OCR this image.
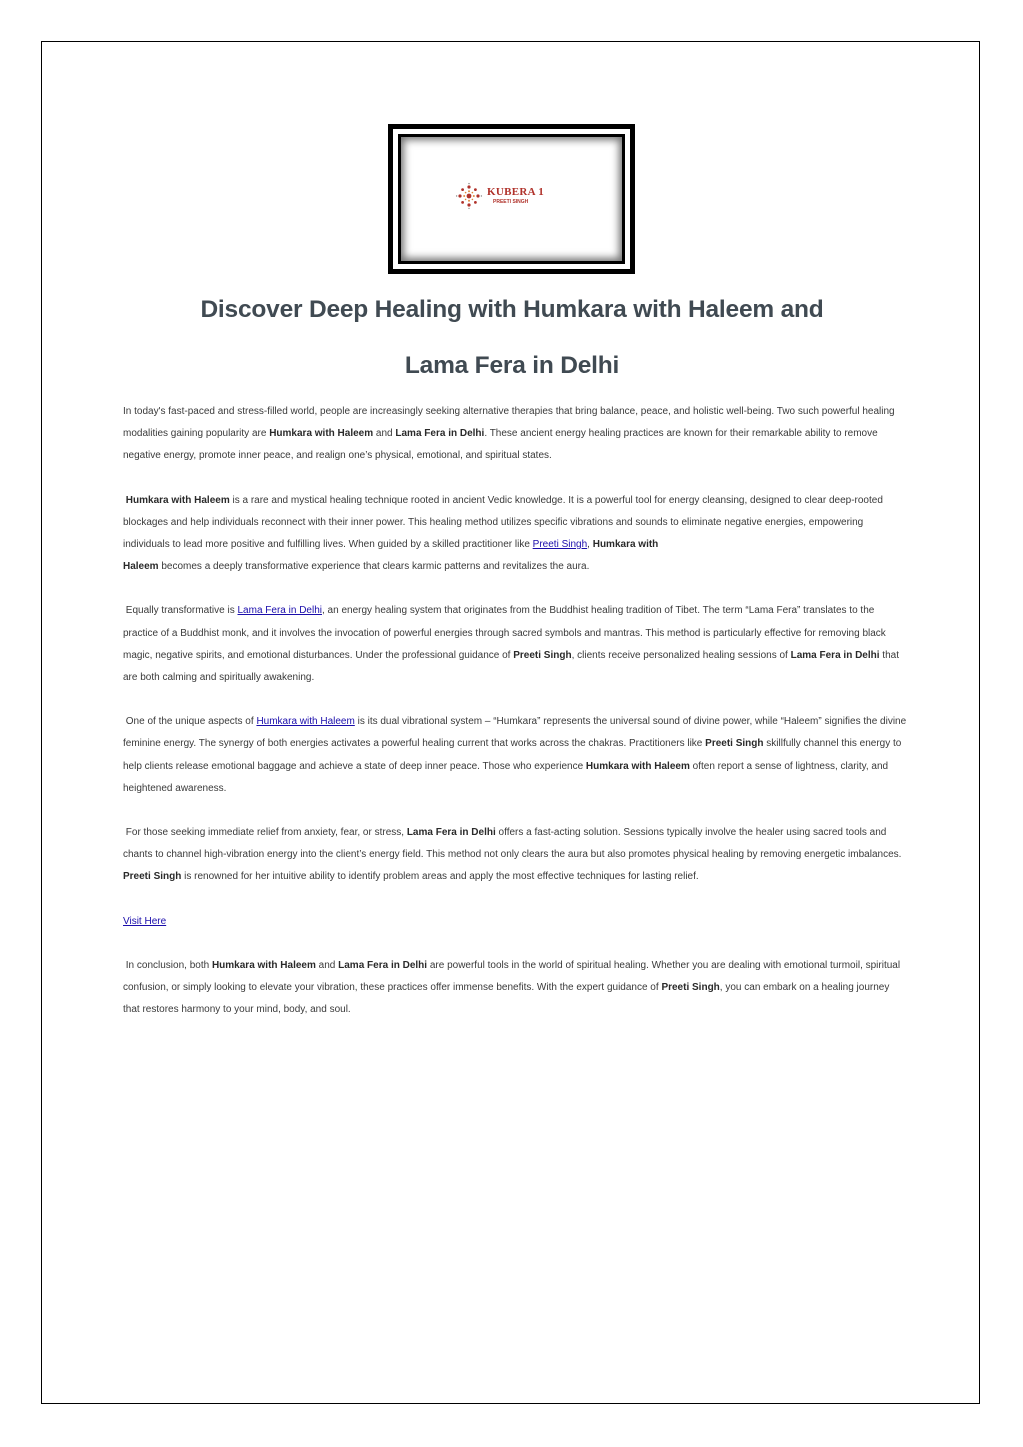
KUBERA 1
PREETI SINGH
Discover Deep Healing with Humkara with Haleem and
Lama Fera in Delhi

In today's fast-paced and stress-filled world, people are increasingly seeking alternative therapies that bring balance, peace, and holistic well-being. Two such powerful healing modalities gaining popularity are Humkara with Haleem and Lama Fera in Delhi. These ancient energy healing practices are known for their remarkable ability to remove negative energy, promote inner peace, and realign one’s physical, emotional, and spiritual states.

Humkara with Haleem is a rare and mystical healing technique rooted in ancient Vedic knowledge. It is a powerful tool for energy cleansing, designed to clear deep-rooted blockages and help individuals reconnect with their inner power. This healing method utilizes specific vibrations and sounds to eliminate negative energies, empowering individuals to lead more positive and fulfilling lives. When guided by a skilled practitioner like Preeti Singh, Humkara with
Haleem becomes a deeply transformative experience that clears karmic patterns and revitalizes the aura.

Equally transformative is Lama Fera in Delhi, an energy healing system that originates from the Buddhist healing tradition of Tibet. The term “Lama Fera” translates to the practice of a Buddhist monk, and it involves the invocation of powerful energies through sacred symbols and mantras. This method is particularly effective for removing black magic, negative spirits, and emotional disturbances. Under the professional guidance of Preeti Singh, clients receive personalized healing sessions of Lama Fera in Delhi that are both calming and spiritually awakening.

One of the unique aspects of Humkara with Haleem is its dual vibrational system – “Humkara” represents the universal sound of divine power, while “Haleem” signifies the divine feminine energy. The synergy of both energies activates a powerful healing current that works across the chakras. Practitioners like Preeti Singh skillfully channel this energy to help clients release emotional baggage and achieve a state of deep inner peace. Those who experience Humkara with Haleem often report a sense of lightness, clarity, and heightened awareness.

For those seeking immediate relief from anxiety, fear, or stress, Lama Fera in Delhi offers a fast-acting solution. Sessions typically involve the healer using sacred tools and chants to channel high-vibration energy into the client’s energy field. This method not only clears the aura but also promotes physical healing by removing energetic imbalances. Preeti Singh is renowned for her intuitive ability to identify problem areas and apply the most effective techniques for lasting relief.

Visit Here

In conclusion, both Humkara with Haleem and Lama Fera in Delhi are powerful tools in the world of spiritual healing. Whether you are dealing with emotional turmoil, spiritual confusion, or simply looking to elevate your vibration, these practices offer immense benefits. With the expert guidance of Preeti Singh, you can embark on a healing journey that restores harmony to your mind, body, and soul.
